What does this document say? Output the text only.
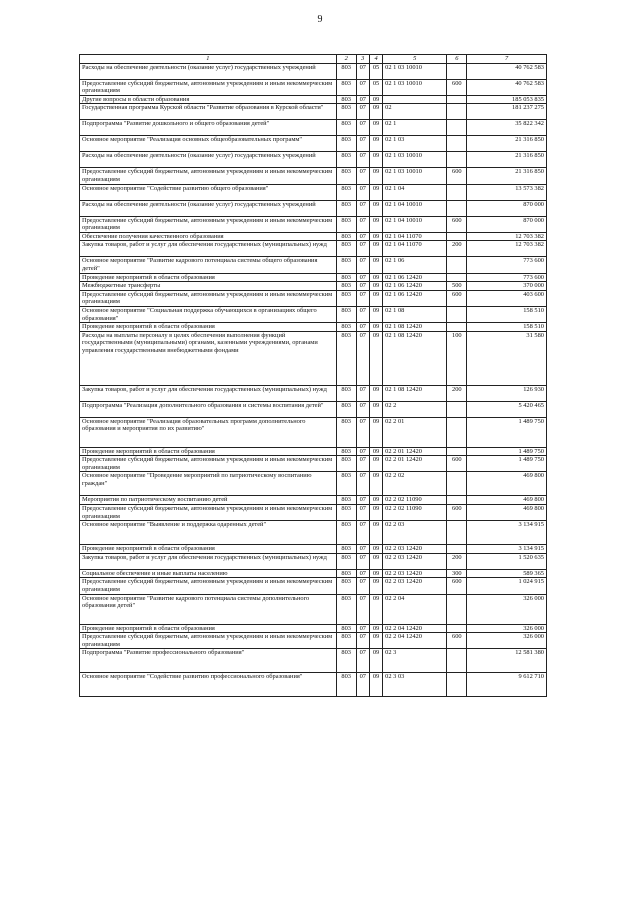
9
1	2	3	4	5	6	7
Расходы на обеспечение деятельности (оказание услуг) государственных учреждений	803	07	05	02 1 03 10010		40 762 583
Предоставление субсидий бюджетным, автономным учреждениям и иным некоммерческим организациям	803	07	05	02 1 03 10010	600	40 762 583
Другие вопросы в области образования	803	07	09			185 053 835
Государственная программа Курской области "Развитие образования в Курской области"	803	07	09	02		181 237 275
Подпрограмма "Развитие дошкольного и общего образования детей"	803	07	09	02 1		35 822 342
Основное мероприятие "Реализация основных общеобразовательных программ"	803	07	09	02 1 03		21 316 850
Расходы на обеспечение деятельности (оказание услуг) государственных учреждений	803	07	09	02 1 03 10010		21 316 850
Предоставление субсидий бюджетным, автономным учреждениям и иным некоммерческим организациям	803	07	09	02 1 03 10010	600	21 316 850
Основное мероприятие "Содействие развитию общего образования"	803	07	09	02 1 04		13 573 382
Расходы на обеспечение деятельности (оказание услуг) государственных учреждений	803	07	09	02 1 04 10010		870 000
Предоставление субсидий бюджетным, автономным учреждениям и иным некоммерческим организациям	803	07	09	02 1 04 10010	600	870 000
Обеспечение получения качественного образования	803	07	09	02 1 04 11070		12 703 382
Закупка товаров, работ и услуг для обеспечения государственных (муниципальных) нужд	803	07	09	02 1 04 11070	200	12 703 382
Основное мероприятие "Развитие кадрового потенциала системы общего образования детей"	803	07	09	02 1 06		773 600
Проведение мероприятий в области образования	803	07	09	02 1 06 12420		773 600
Межбюджетные трансферты	803	07	09	02 1 06 12420	500	370 000
Предоставление субсидий бюджетным, автономным учреждениям и иным некоммерческим организациям	803	07	09	02 1 06 12420	600	403 600
Основное мероприятие "Социальная поддержка обучающихся в организациях общего образования"	803	07	09	02 1 08		158 510
Проведение мероприятий в области образования	803	07	09	02 1 08 12420		158 510
Расходы на выплаты персоналу в целях обеспечения выполнения функций государственными (муниципальными) органами, казенными учреждениями, органами управления государственными внебюджетными фондами	803	07	09	02 1 08 12420	100	31 580
Закупка товаров, работ и услуг для обеспечения государственных (муниципальных) нужд	803	07	09	02 1 08 12420	200	126 930
Подпрограмма "Реализация дополнительного образования и системы воспитания детей"	803	07	09	02 2		5 420 465
Основное мероприятие "Реализация образовательных программ дополнительного образования и мероприятия по их развитию"	803	07	09	02 2 01		1 489 750
Проведение мероприятий в области образования	803	07	09	02 2 01 12420		1 489 750
Предоставление субсидий бюджетным, автономным учреждениям и иным некоммерческим организациям	803	07	09	02 2 01 12420	600	1 489 750
Основное мероприятие "Проведение мероприятий по патриотическому воспитанию граждан"	803	07	09	02 2 02		469 800
Мероприятия по патриотическому воспитанию детей	803	07	09	02 2 02 11090		469 800
Предоставление субсидий бюджетным, автономным учреждениям и иным некоммерческим организациям	803	07	09	02 2 02 11090	600	469 800
Основное мероприятие "Выявление и поддержка одаренных детей"	803	07	09	02 2 03		3 134 915
Проведение мероприятий в области образования	803	07	09	02 2 03 12420		3 134 915
Закупка товаров, работ и услуг для обеспечения государственных (муниципальных) нужд	803	07	09	02 2 03 12420	200	1 520 635
Социальное обеспечение и иные выплаты населению	803	07	09	02 2 03 12420	300	589 365
Предоставление субсидий бюджетным, автономным учреждениям и иным некоммерческим организациям	803	07	09	02 2 03 12420	600	1 024 915
Основное мероприятие "Развитие кадрового потенциала системы дополнительного образования детей"	803	07	09	02 2 04		326 000
Проведение мероприятий в области образования	803	07	09	02 2 04 12420		326 000
Предоставление субсидий бюджетным, автономным учреждениям и иным некоммерческим организациям	803	07	09	02 2 04 12420	600	326 000
Подпрограмма "Развитие профессионального образования"	803	07	09	02 3		12 581 380
Основное мероприятие "Содействие развитию профессионального образования"	803	07	09	02 3 03		9 612 710
